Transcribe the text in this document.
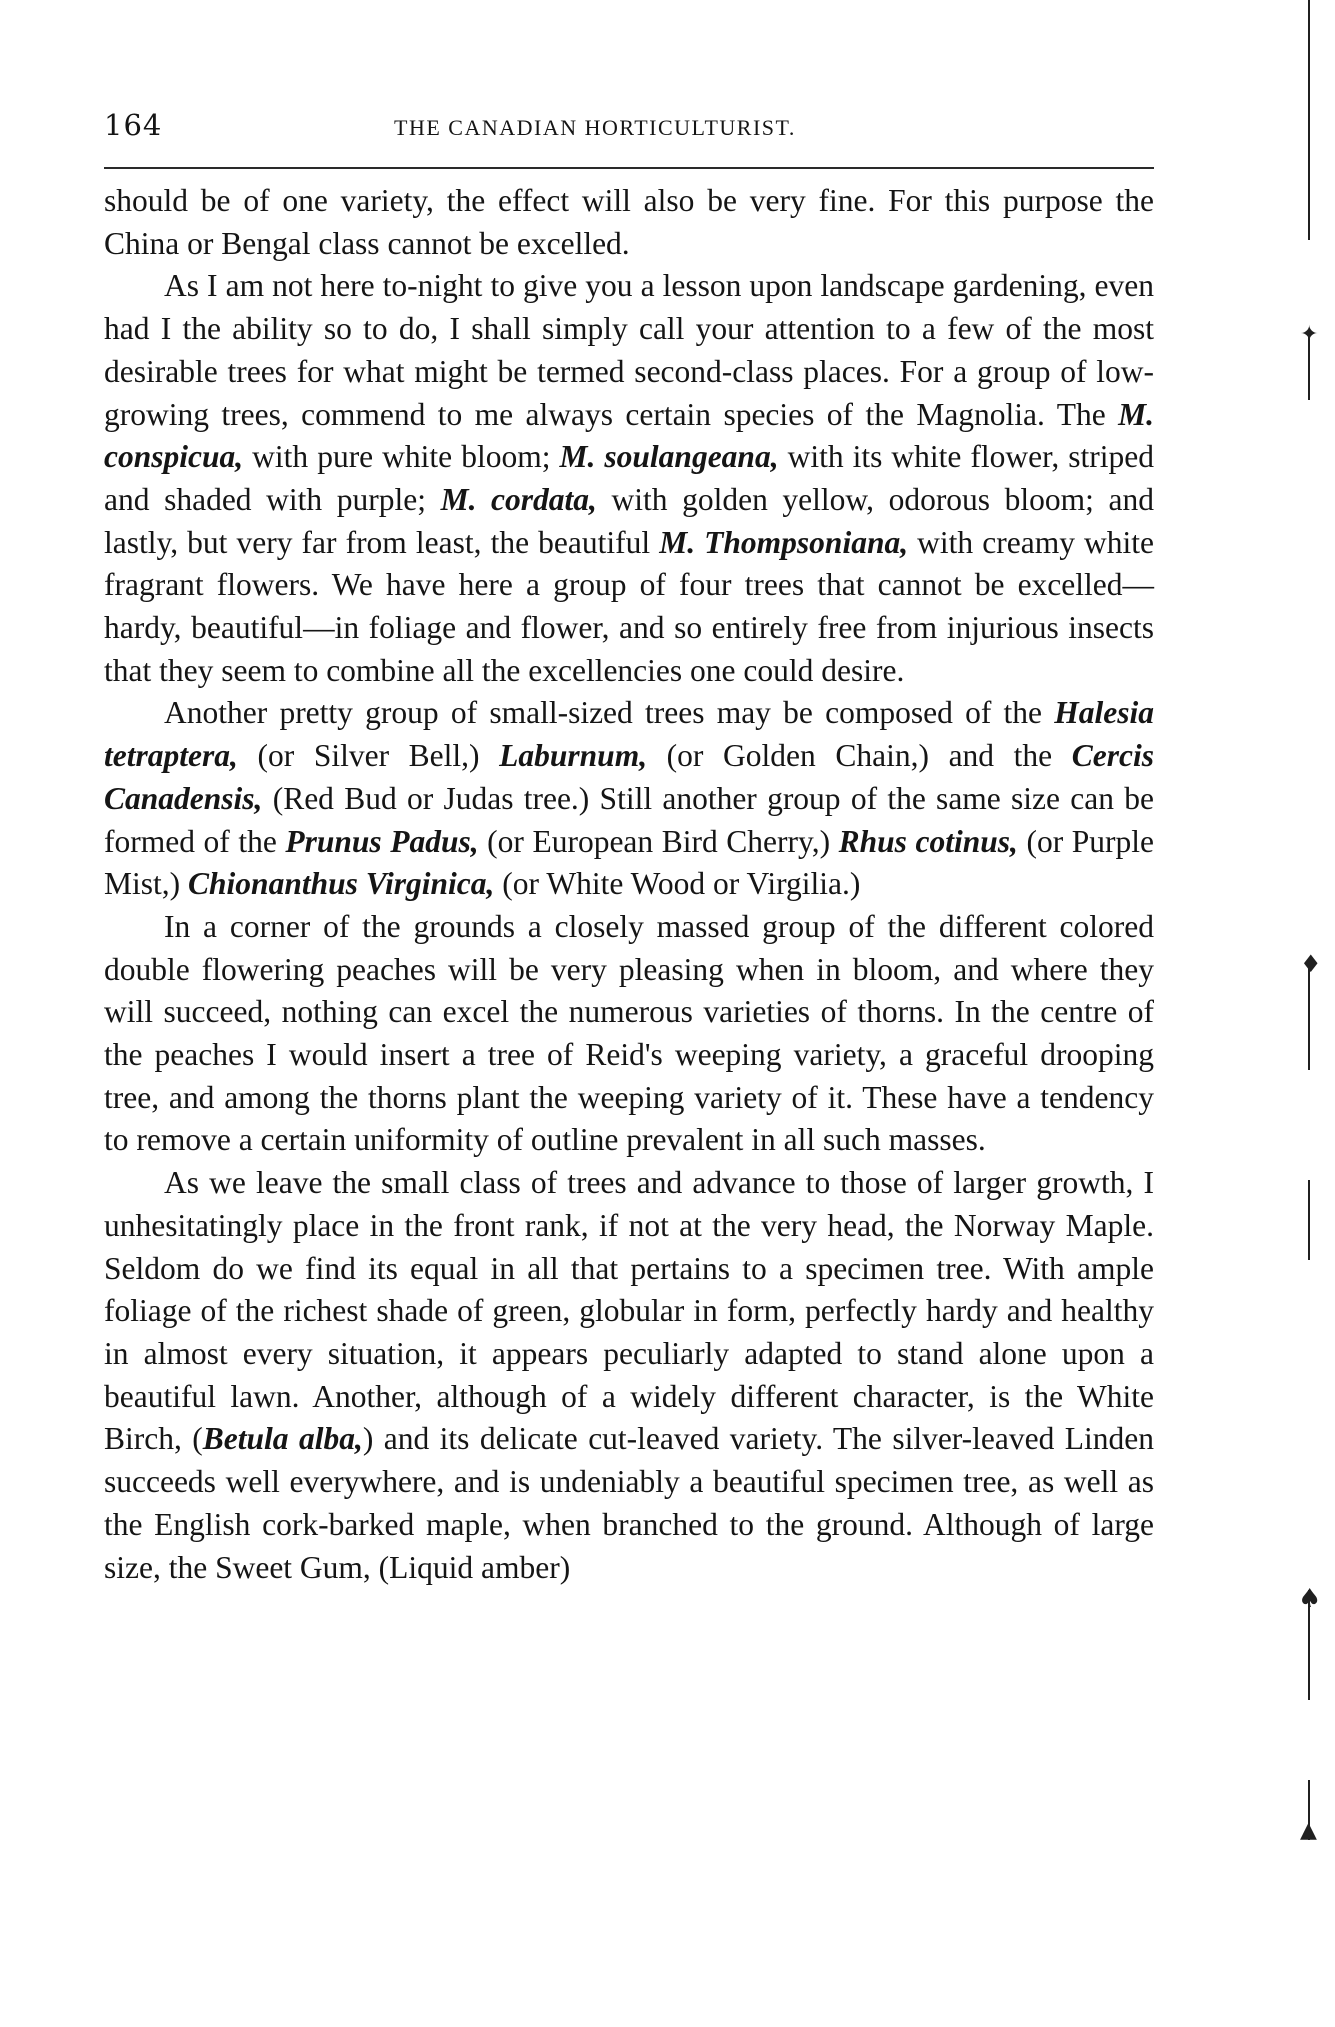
164	THE CANADIAN HORTICULTURIST.

should be of one variety, the effect will also be very fine. For this purpose the China or Bengal class cannot be excelled.

As I am not here to-night to give you a lesson upon landscape gardening, even had I the ability so to do, I shall simply call your attention to a few of the most desirable trees for what might be termed second-class places. For a group of low-growing trees, commend to me always certain species of the Magnolia. The M. conspicua, with pure white bloom; M. soulangeana, with its white flower, striped and shaded with purple; M. cordata, with golden yellow, odorous bloom; and lastly, but very far from least, the beautiful M. Thompsoniana, with creamy white fragrant flowers. We have here a group of four trees that cannot be excelled—hardy, beautiful—in foliage and flower, and so entirely free from injurious insects that they seem to combine all the excellencies one could desire.

Another pretty group of small-sized trees may be composed of the Halesia tetraptera, (or Silver Bell,) Laburnum, (or Golden Chain,) and the Cercis Canadensis, (Red Bud or Judas tree.) Still another group of the same size can be formed of the Prunus Padus, (or European Bird Cherry,) Rhus cotinus, (or Purple Mist,) Chionanthus Virginica, (or White Wood or Virgilia.)

In a corner of the grounds a closely massed group of the different colored double flowering peaches will be very pleasing when in bloom, and where they will succeed, nothing can excel the numerous varieties of thorns. In the centre of the peaches I would insert a tree of Reid's weeping variety, a graceful drooping tree, and among the thorns plant the weeping variety of it. These have a tendency to remove a certain uniformity of outline prevalent in all such masses.

As we leave the small class of trees and advance to those of larger growth, I unhesitatingly place in the front rank, if not at the very head, the Norway Maple. Seldom do we find its equal in all that pertains to a specimen tree. With ample foliage of the richest shade of green, globular in form, perfectly hardy and healthy in almost every situation, it appears peculiarly adapted to stand alone upon a beautiful lawn. Another, although of a widely different character, is the White Birch, (Betula alba,) and its delicate cut-leaved variety. The silver-leaved Linden succeeds well everywhere, and is undeniably a beautiful specimen tree, as well as the English cork-barked maple, when branched to the ground. Although of large size, the Sweet Gum, (Liquid amber)

✦
♦
♠
▲
